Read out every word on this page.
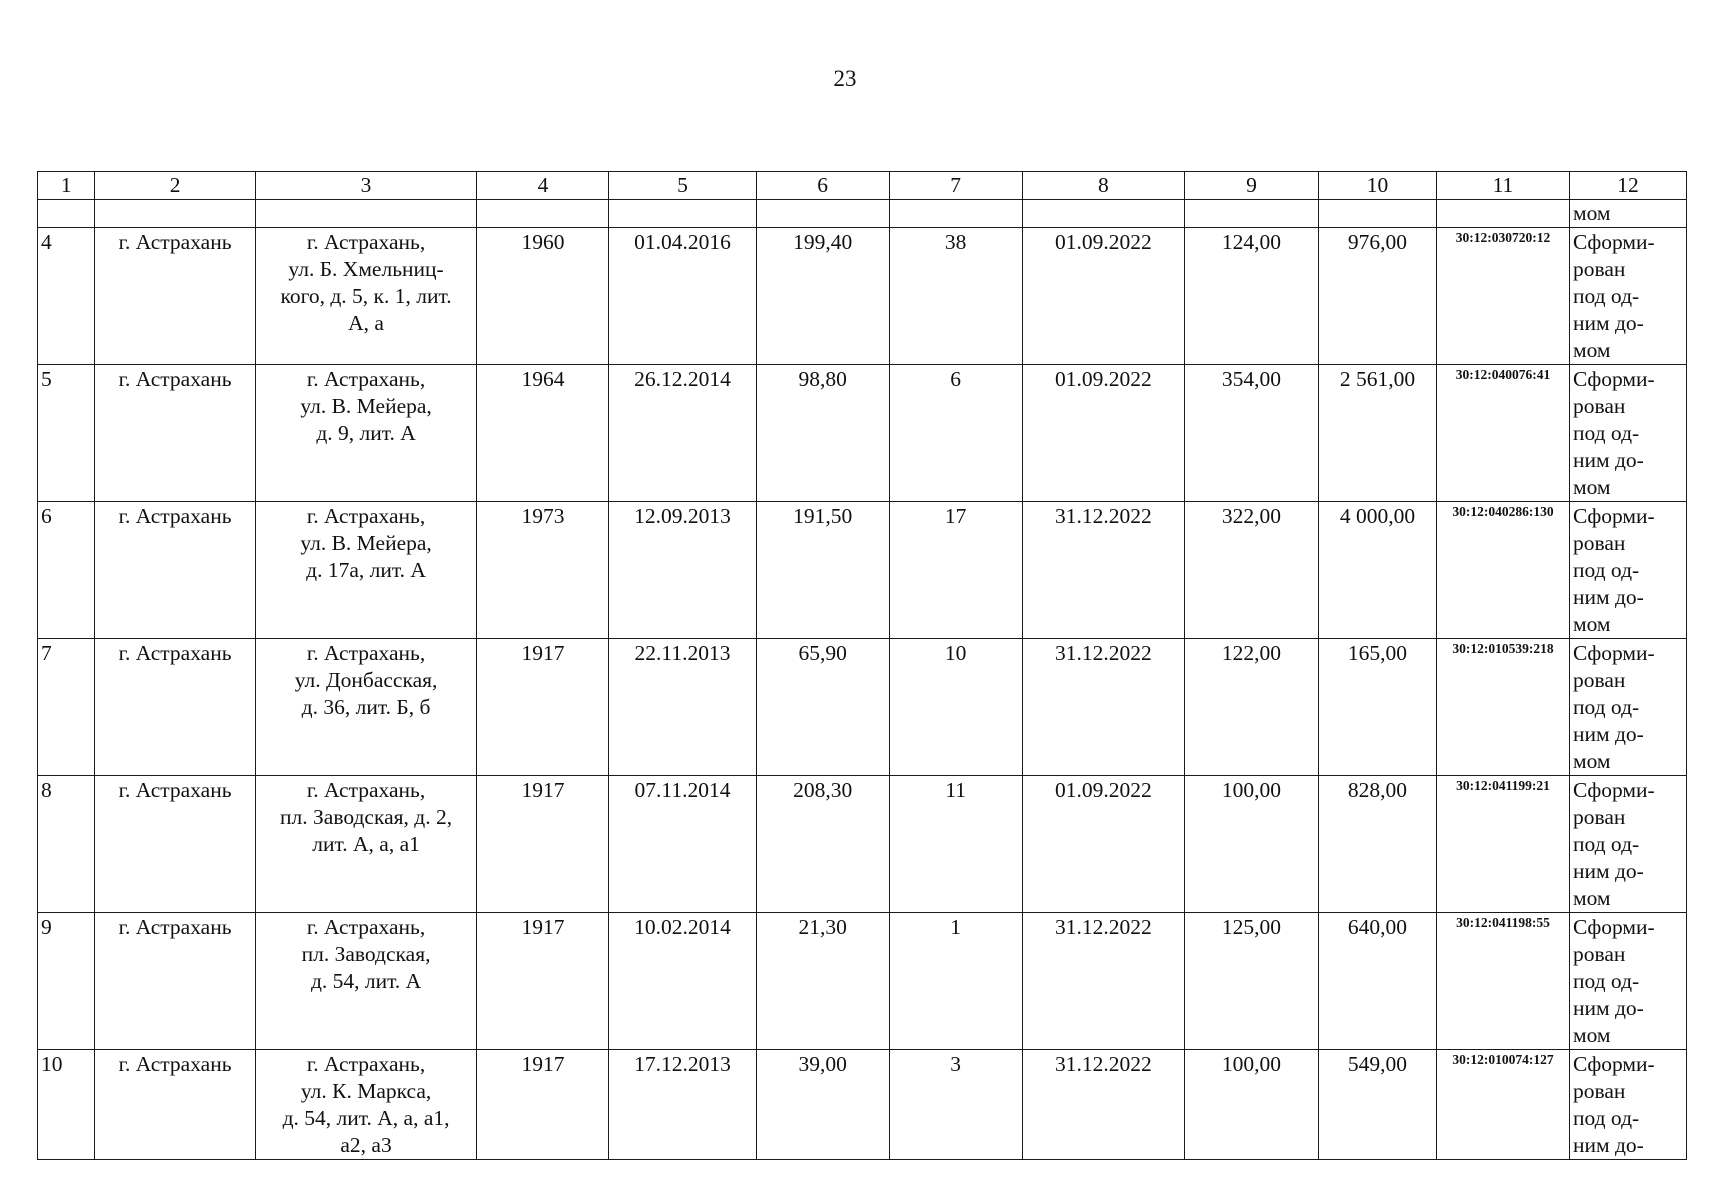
23
1	2	3	4	5	6	7	8	9	10	11	12
											мом
4	г. Астрахань	г. Астрахань,
ул. Б. Хмельниц-
кого, д. 5, к. 1, лит.
А, а	1960	01.04.2016	199,40	38	01.09.2022	124,00	976,00	30:12:030720:12	Сформи-
рован
под од-
ним до-
мом

5	г. Астрахань	г. Астрахань,
ул. В. Мейера,
д. 9, лит. А	1964	26.12.2014	98,80	6	01.09.2022	354,00	2 561,00	30:12:040076:41	Сформи-
рован
под од-
ним до-
мом

6	г. Астрахань	г. Астрахань,
ул. В. Мейера,
д. 17а, лит. А	1973	12.09.2013	191,50	17	31.12.2022	322,00	4 000,00	30:12:040286:130	Сформи-
рован
под од-
ним до-
мом

7	г. Астрахань	г. Астрахань,
ул. Донбасская,
д. 36, лит. Б, б	1917	22.11.2013	65,90	10	31.12.2022	122,00	165,00	30:12:010539:218	Сформи-
рован
под од-
ним до-
мом

8	г. Астрахань	г. Астрахань,
пл. Заводская, д. 2,
лит. А, а, а1	1917	07.11.2014	208,30	11	01.09.2022	100,00	828,00	30:12:041199:21	Сформи-
рован
под од-
ним до-
мом

9	г. Астрахань	г. Астрахань,
пл. Заводская,
д. 54, лит. А	1917	10.02.2014	21,30	1	31.12.2022	125,00	640,00	30:12:041198:55	Сформи-
рован
под од-
ним до-
мом

10	г. Астрахань	г. Астрахань,
ул. К. Маркса,
д. 54, лит. А, а, а1,
а2, а3	1917	17.12.2013	39,00	3	31.12.2022	100,00	549,00	30:12:010074:127	Сформи-
рован
под од-
ним до-
